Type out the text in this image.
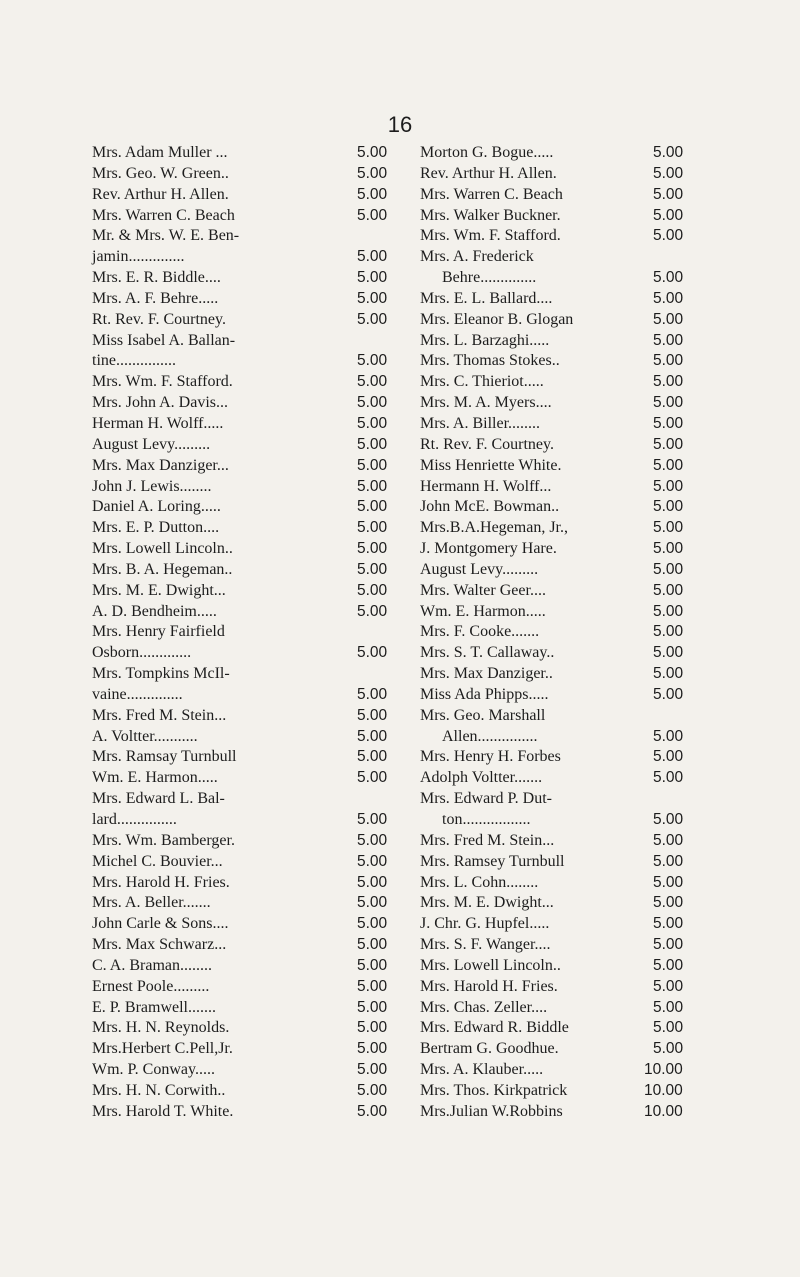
16
Mrs. Adam Muller ...	5.00
Mrs. Geo. W. Green..	5.00
Rev. Arthur H. Allen.	5.00
Mrs. Warren C. Beach	5.00
Mr. & Mrs. W. E. Ben-
jamin..............	5.00
Mrs. E. R. Biddle....	5.00
Mrs. A. F. Behre.....	5.00
Rt. Rev. F. Courtney.	5.00
Miss Isabel A. Ballan-
tine...............	5.00
Mrs. Wm. F. Stafford.	5.00
Mrs. John A. Davis...	5.00
Herman H. Wolff.....	5.00
August Levy.........	5.00
Mrs. Max Danziger...	5.00
John J. Lewis........	5.00
Daniel A. Loring.....	5.00
Mrs. E. P. Dutton....	5.00
Mrs. Lowell Lincoln..	5.00
Mrs. B. A. Hegeman..	5.00
Mrs. M. E. Dwight...	5.00
A. D. Bendheim.....	5.00
Mrs. Henry Fairfield
Osborn.............	5.00
Mrs. Tompkins McIl-
vaine..............	5.00
Mrs. Fred M. Stein...	5.00
A. Voltter...........	5.00
Mrs. Ramsay Turnbull	5.00
Wm. E. Harmon.....	5.00
Mrs. Edward L. Bal-
lard...............	5.00
Mrs. Wm. Bamberger.	5.00
Michel C. Bouvier...	5.00
Mrs. Harold H. Fries.	5.00
Mrs. A. Beller.......	5.00
John Carle & Sons....	5.00
Mrs. Max Schwarz...	5.00
C. A. Braman........	5.00
Ernest Poole.........	5.00
E. P. Bramwell.......	5.00
Mrs. H. N. Reynolds.	5.00
Mrs.Herbert C.Pell,Jr.	5.00
Wm. P. Conway.....	5.00
Mrs. H. N. Corwith..	5.00
Mrs. Harold T. White.	5.00
Morton G. Bogue.....	5.00
Rev. Arthur H. Allen.	5.00
Mrs. Warren C. Beach	5.00
Mrs. Walker Buckner.	5.00
Mrs. Wm. F. Stafford.	5.00
Mrs. A. Frederick
Behre..............	5.00
Mrs. E. L. Ballard....	5.00
Mrs. Eleanor B. Glogan	5.00
Mrs. L. Barzaghi.....	5.00
Mrs. Thomas Stokes..	5.00
Mrs. C. Thieriot.....	5.00
Mrs. M. A. Myers....	5.00
Mrs. A. Biller........	5.00
Rt. Rev. F. Courtney.	5.00
Miss Henriette White.	5.00
Hermann H. Wolff...	5.00
John McE. Bowman..	5.00
Mrs.B.A.Hegeman, Jr.,	5.00
J. Montgomery Hare.	5.00
August Levy.........	5.00
Mrs. Walter Geer....	5.00
Wm. E. Harmon.....	5.00
Mrs. F. Cooke.......	5.00
Mrs. S. T. Callaway..	5.00
Mrs. Max Danziger..	5.00
Miss Ada Phipps.....	5.00
Mrs. Geo. Marshall
Allen...............	5.00
Mrs. Henry H. Forbes	5.00
Adolph Voltter.......	5.00
Mrs. Edward P. Dut-
ton.................	5.00
Mrs. Fred M. Stein...	5.00
Mrs. Ramsey Turnbull	5.00
Mrs. L. Cohn........	5.00
Mrs. M. E. Dwight...	5.00
J. Chr. G. Hupfel.....	5.00
Mrs. S. F. Wanger....	5.00
Mrs. Lowell Lincoln..	5.00
Mrs. Harold H. Fries.	5.00
Mrs. Chas. Zeller....	5.00
Mrs. Edward R. Biddle	5.00
Bertram G. Goodhue.	5.00
Mrs. A. Klauber.....	10.00
Mrs. Thos. Kirkpatrick	10.00
Mrs.Julian W.Robbins	10.00
